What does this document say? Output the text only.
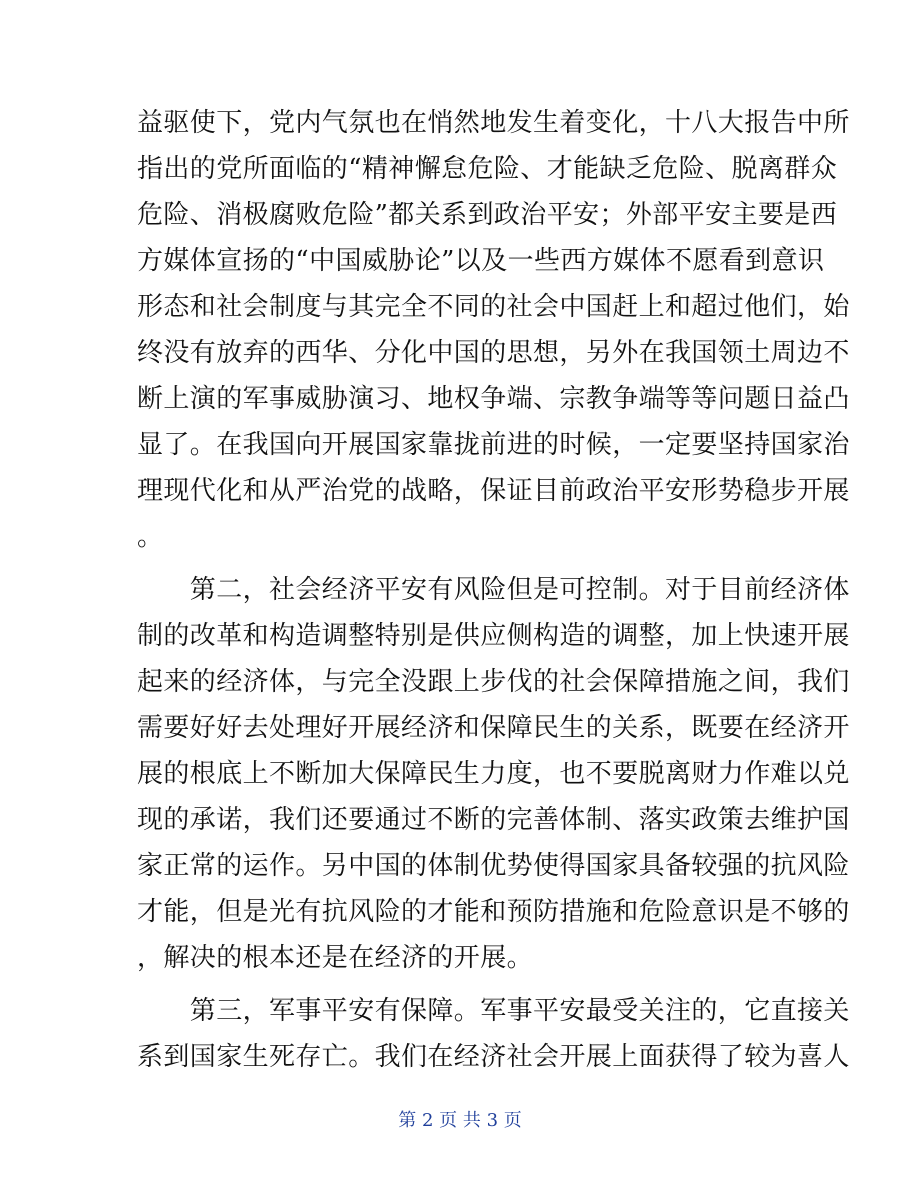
益驱使下，党内气氛也在悄然地发生着变化，十八大报告中所
指出的党所面临的“精神懈怠危险、才能缺乏危险、脱离群众
危险、消极腐败危险”都关系到政治平安；外部平安主要是西
方媒体宣扬的“中国威胁论”以及一些西方媒体不愿看到意识
形态和社会制度与其完全不同的社会中国赶上和超过他们，始
终没有放弃的西华、分化中国的思想，另外在我国领土周边不
断上演的军事威胁演习、地权争端、宗教争端等等问题日益凸
显了。在我国向开展国家靠拢前进的时候，一定要坚持国家治
理现代化和从严治党的战略，保证目前政治平安形势稳步开展
。
　　第二，社会经济平安有风险但是可控制。对于目前经济体
制的改革和构造调整特别是供应侧构造的调整，加上快速开展
起来的经济体，与完全没跟上步伐的社会保障措施之间，我们
需要好好去处理好开展经济和保障民生的关系，既要在经济开
展的根底上不断加大保障民生力度，也不要脱离财力作难以兑
现的承诺，我们还要通过不断的完善体制、落实政策去维护国
家正常的运作。另中国的体制优势使得国家具备较强的抗风险
才能，但是光有抗风险的才能和预防措施和危险意识是不够的
，解决的根本还是在经济的开展。
　　第三，军事平安有保障。军事平安最受关注的，它直接关
系到国家生死存亡。我们在经济社会开展上面获得了较为喜人
第 2 页 共 3 页
